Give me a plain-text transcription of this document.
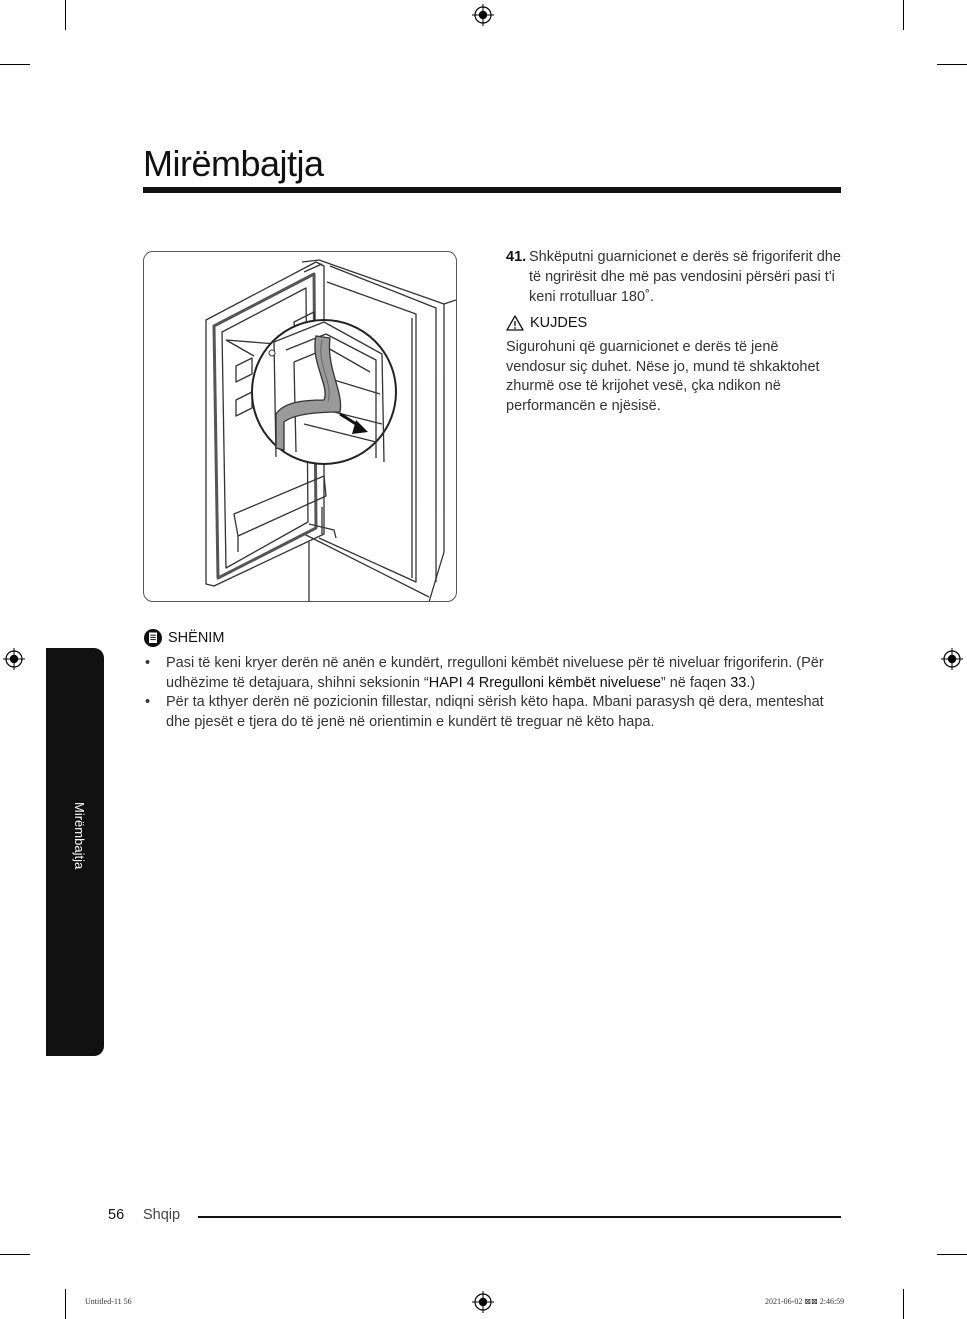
Mirëmbajtja
41. Shkëputni guarnicionet e derës së frigoriferit dhe të ngrirësit dhe më pas vendosini përsëri pasi t'i keni rrotulluar 180˚.
KUJDES
Sigurohuni që guarnicionet e derës të jenë vendosur siç duhet. Nëse jo, mund të shkaktohet zhurmë ose të krijohet vesë, çka ndikon në performancën e njësisë.
SHËNIM
• Pasi të keni kryer derën në anën e kundërt, rregulloni këmbët niveluese për të niveluar frigoriferin. (Për udhëzime të detajuara, shihni seksionin “HAPI 4 Rregulloni këmbët niveluese” në faqen 33.)
• Për ta kthyer derën në pozicionin fillestar, ndiqni sërish këto hapa. Mbani parasysh që dera, menteshat dhe pjesët e tjera do të jenë në orientimin e kundërt të treguar në këto hapa.
Mirëmbajtja
56 Shqip
Untitled-11 56	2021-06-02 ⊠⊠ 2:46:59
